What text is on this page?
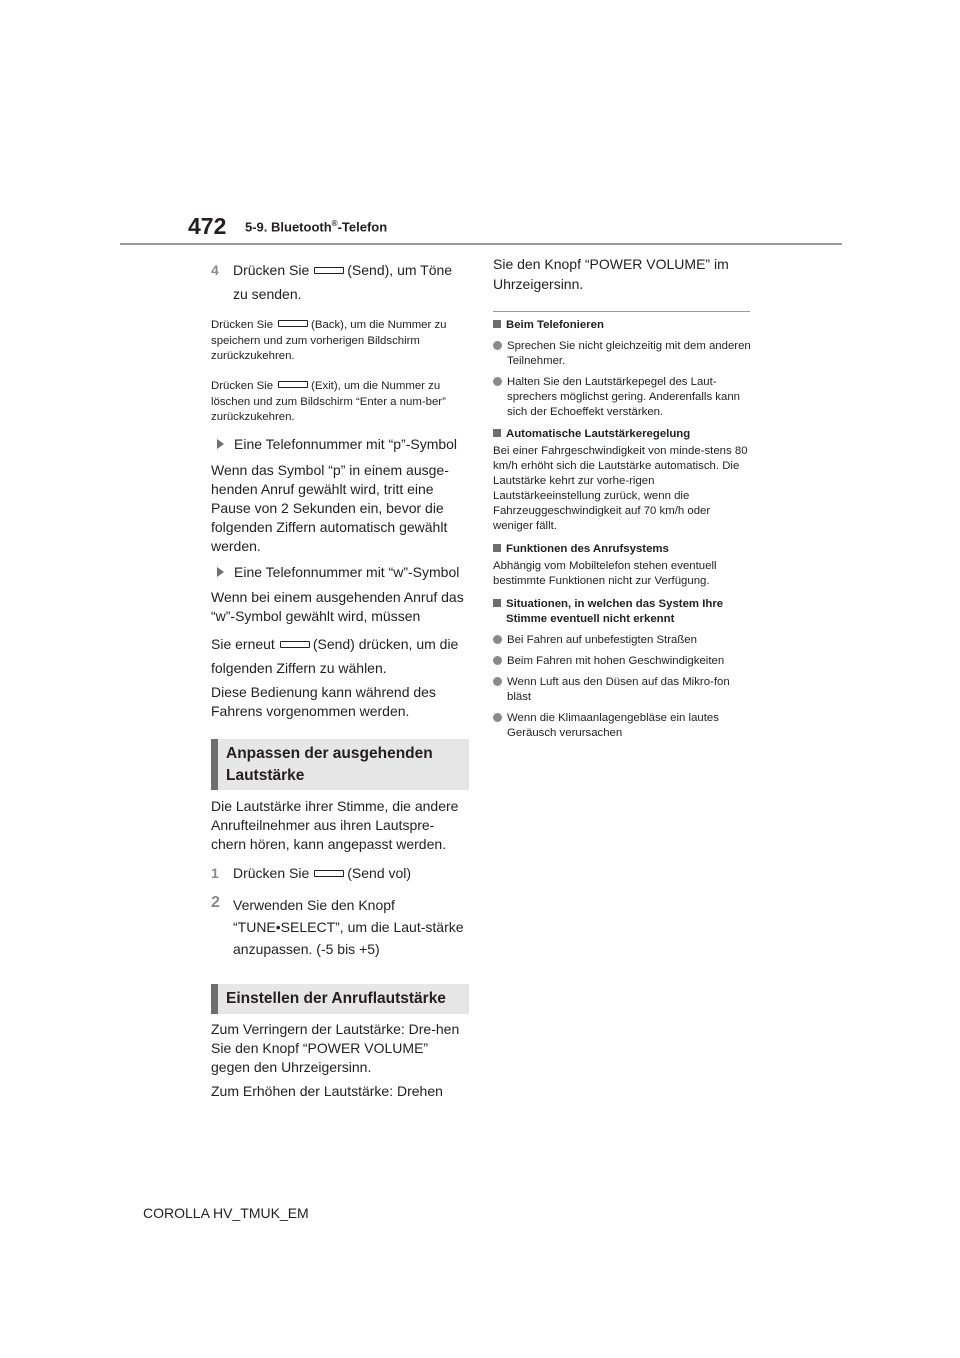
472 5-9. Bluetooth®-Telefon

4 Drücken Sie	(Send), um Töne

zu senden.

Drücken Sie	(Back), um die Nummer zu

speichern und zum vorherigen Bildschirm zurückzukehren.

Drücken Sie	(Exit), um die Nummer zu

löschen und zum Bildschirm “Enter a num-ber” zurückzukehren.

Eine Telefonnummer mit “p”-Symbol

Wenn das Symbol “p” in einem ausge-henden Anruf gewählt wird, tritt eine Pause von 2 Sekunden ein, bevor die folgenden Ziffern automatisch gewählt werden.

Eine Telefonnummer mit “w”-Symbol

Wenn bei einem ausgehenden Anruf das “w”-Symbol gewählt wird, müssen

Sie erneut	(Send) drücken, um die

folgenden Ziffern zu wählen.

Diese Bedienung kann während des Fahrens vorgenommen werden.

Anpassen der ausgehenden Lautstärke

Die Lautstärke ihrer Stimme, die andere Anrufteilnehmer aus ihren Lautspre-chern hören, kann angepasst werden.

1 Drücken Sie	(Send vol)

2 Verwenden Sie den Knopf “TUNE•SELECT”, um die Laut-stärke anzupassen. (-5 bis +5)

Einstellen der Anruflautstärke

Zum Verringern der Lautstärke: Dre-hen Sie den Knopf “POWER VOLUME” gegen den Uhrzeigersinn.

Zum Erhöhen der Lautstärke: Drehen

Sie den Knopf “POWER VOLUME” im Uhrzeigersinn.

Beim Telefonieren

Sprechen Sie nicht gleichzeitig mit dem anderen Teilnehmer.

Halten Sie den Lautstärkepegel des Laut-sprechers möglichst gering. Anderenfalls kann sich der Echoeffekt verstärken.

Automatische Lautstärkeregelung

Bei einer Fahrgeschwindigkeit von minde-stens 80 km/h erhöht sich die Lautstärke automatisch. Die Lautstärke kehrt zur vorhe-rigen Lautstärkeeinstellung zurück, wenn die Fahrzeuggeschwindigkeit auf 70 km/h oder weniger fällt.

Funktionen des Anrufsystems

Abhängig vom Mobiltelefon stehen eventuell bestimmte Funktionen nicht zur Verfügung.

Situationen, in welchen das System Ihre Stimme eventuell nicht erkennt

Bei Fahren auf unbefestigten Straßen

Beim Fahren mit hohen Geschwindigkeiten

Wenn Luft aus den Düsen auf das Mikro-fon bläst

Wenn die Klimaanlagengebläse ein lautes Geräusch verursachen

COROLLA HV_TMUK_EM
